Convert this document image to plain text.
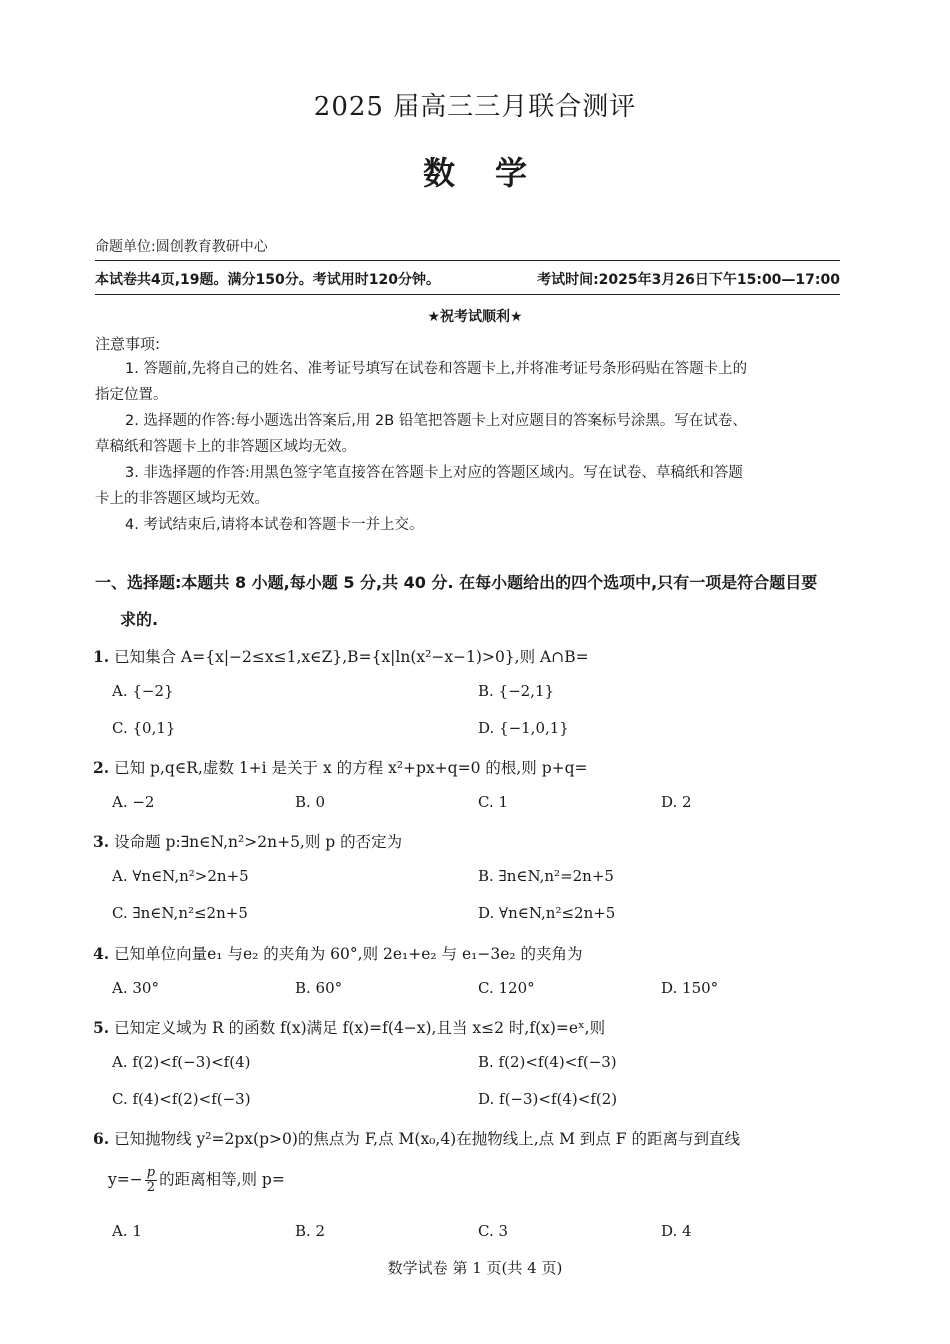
2025 届高三三月联合测评
数学
命题单位:圆创教育教研中心
本试卷共4页,19题。满分150分。考试用时120分钟。	考试时间:2025年3月26日下午15:00—17:00
★祝考试顺利★
注意事项:
1. 答题前,先将自己的姓名、准考证号填写在试卷和答题卡上,并将准考证号条形码贴在答题卡上的
指定位置。
2. 选择题的作答:每小题选出答案后,用 2B 铅笔把答题卡上对应题目的答案标号涂黑。写在试卷、
草稿纸和答题卡上的非答题区域均无效。
3. 非选择题的作答:用黑色签字笔直接答在答题卡上对应的答题区域内。写在试卷、草稿纸和答题
卡上的非答题区域均无效。
4. 考试结束后,请将本试卷和答题卡一并上交。
一、选择题:本题共 8 小题,每小题 5 分,共 40 分. 在每小题给出的四个选项中,只有一项是符合题目要
求的.
1. 已知集合 A={x|−2≤x≤1,x∈Z},B={x|ln(x²−x−1)>0},则 A∩B=
A. {−2}	B. {−2,1}
C. {0,1}	D. {−1,0,1}
2. 已知 p,q∈R,虚数 1+i 是关于 x 的方程 x²+px+q=0 的根,则 p+q=
A. −2	B. 0	C. 1	D. 2
3. 设命题 p:∃n∈N,n²>2n+5,则 p 的否定为
A. ∀n∈N,n²>2n+5	B. ∃n∈N,n²=2n+5
C. ∃n∈N,n²≤2n+5	D. ∀n∈N,n²≤2n+5
4. 已知单位向量e₁ 与e₂ 的夹角为 60°,则 2e₁+e₂ 与 e₁−3e₂ 的夹角为
A. 30°	B. 60°	C. 120°	D. 150°
5. 已知定义域为 R 的函数 f(x)满足 f(x)=f(4−x),且当 x≤2 时,f(x)=eˣ,则
A. f(2)<f(−3)<f(4)	B. f(2)<f(4)<f(−3)
C. f(4)<f(2)<f(−3)	D. f(−3)<f(4)<f(2)
6. 已知抛物线 y²=2px(p>0)的焦点为 F,点 M(x₀,4)在抛物线上,点 M 到点 F 的距离与到直线
$y=- \frac{p}{2}$ 的距离相等,则 p=
A. 1	B. 2	C. 3	D. 4
数学试卷 第 1 页(共 4 页)
